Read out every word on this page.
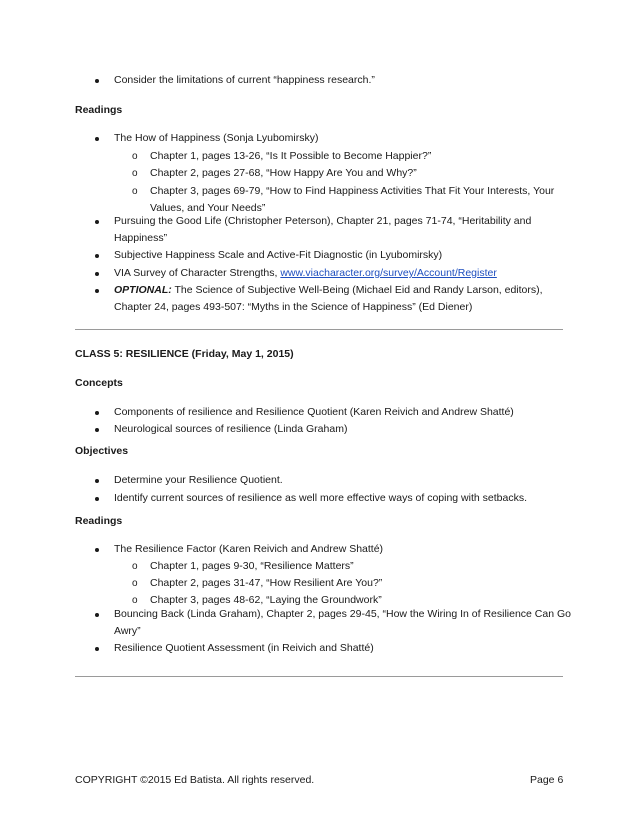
Consider the limitations of current “happiness research.”
Readings
The How of Happiness (Sonja Lyubomirsky)
o Chapter 1, pages 13-26, “Is It Possible to Become Happier?”
o Chapter 2, pages 27-68, “How Happy Are You and Why?”
o Chapter 3, pages 69-79, “How to Find Happiness Activities That Fit Your Interests, Your
Values, and Your Needs”
Pursuing the Good Life (Christopher Peterson), Chapter 21, pages 71-74, “Heritability and
Happiness”
Subjective Happiness Scale and Active-Fit Diagnostic (in Lyubomirsky)
VIA Survey of Character Strengths, www.viacharacter.org/survey/Account/Register
OPTIONAL: The Science of Subjective Well-Being (Michael Eid and Randy Larson, editors),
Chapter 24, pages 493-507: “Myths in the Science of Happiness” (Ed Diener)
CLASS 5: RESILIENCE (Friday, May 1, 2015)
Concepts
Components of resilience and Resilience Quotient (Karen Reivich and Andrew Shatté)
Neurological sources of resilience (Linda Graham)
Objectives
Determine your Resilience Quotient.
Identify current sources of resilience as well more effective ways of coping with setbacks.
Readings
The Resilience Factor (Karen Reivich and Andrew Shatté)
o Chapter 1, pages 9-30, “Resilience Matters”
o Chapter 2, pages 31-47, “How Resilient Are You?”
o Chapter 3, pages 48-62, “Laying the Groundwork”
Bouncing Back (Linda Graham), Chapter 2, pages 29-45, “How the Wiring In of Resilience Can Go
Awry”
Resilience Quotient Assessment (in Reivich and Shatté)
COPYRIGHT ©2015 Ed Batista. All rights reserved.	Page 6
